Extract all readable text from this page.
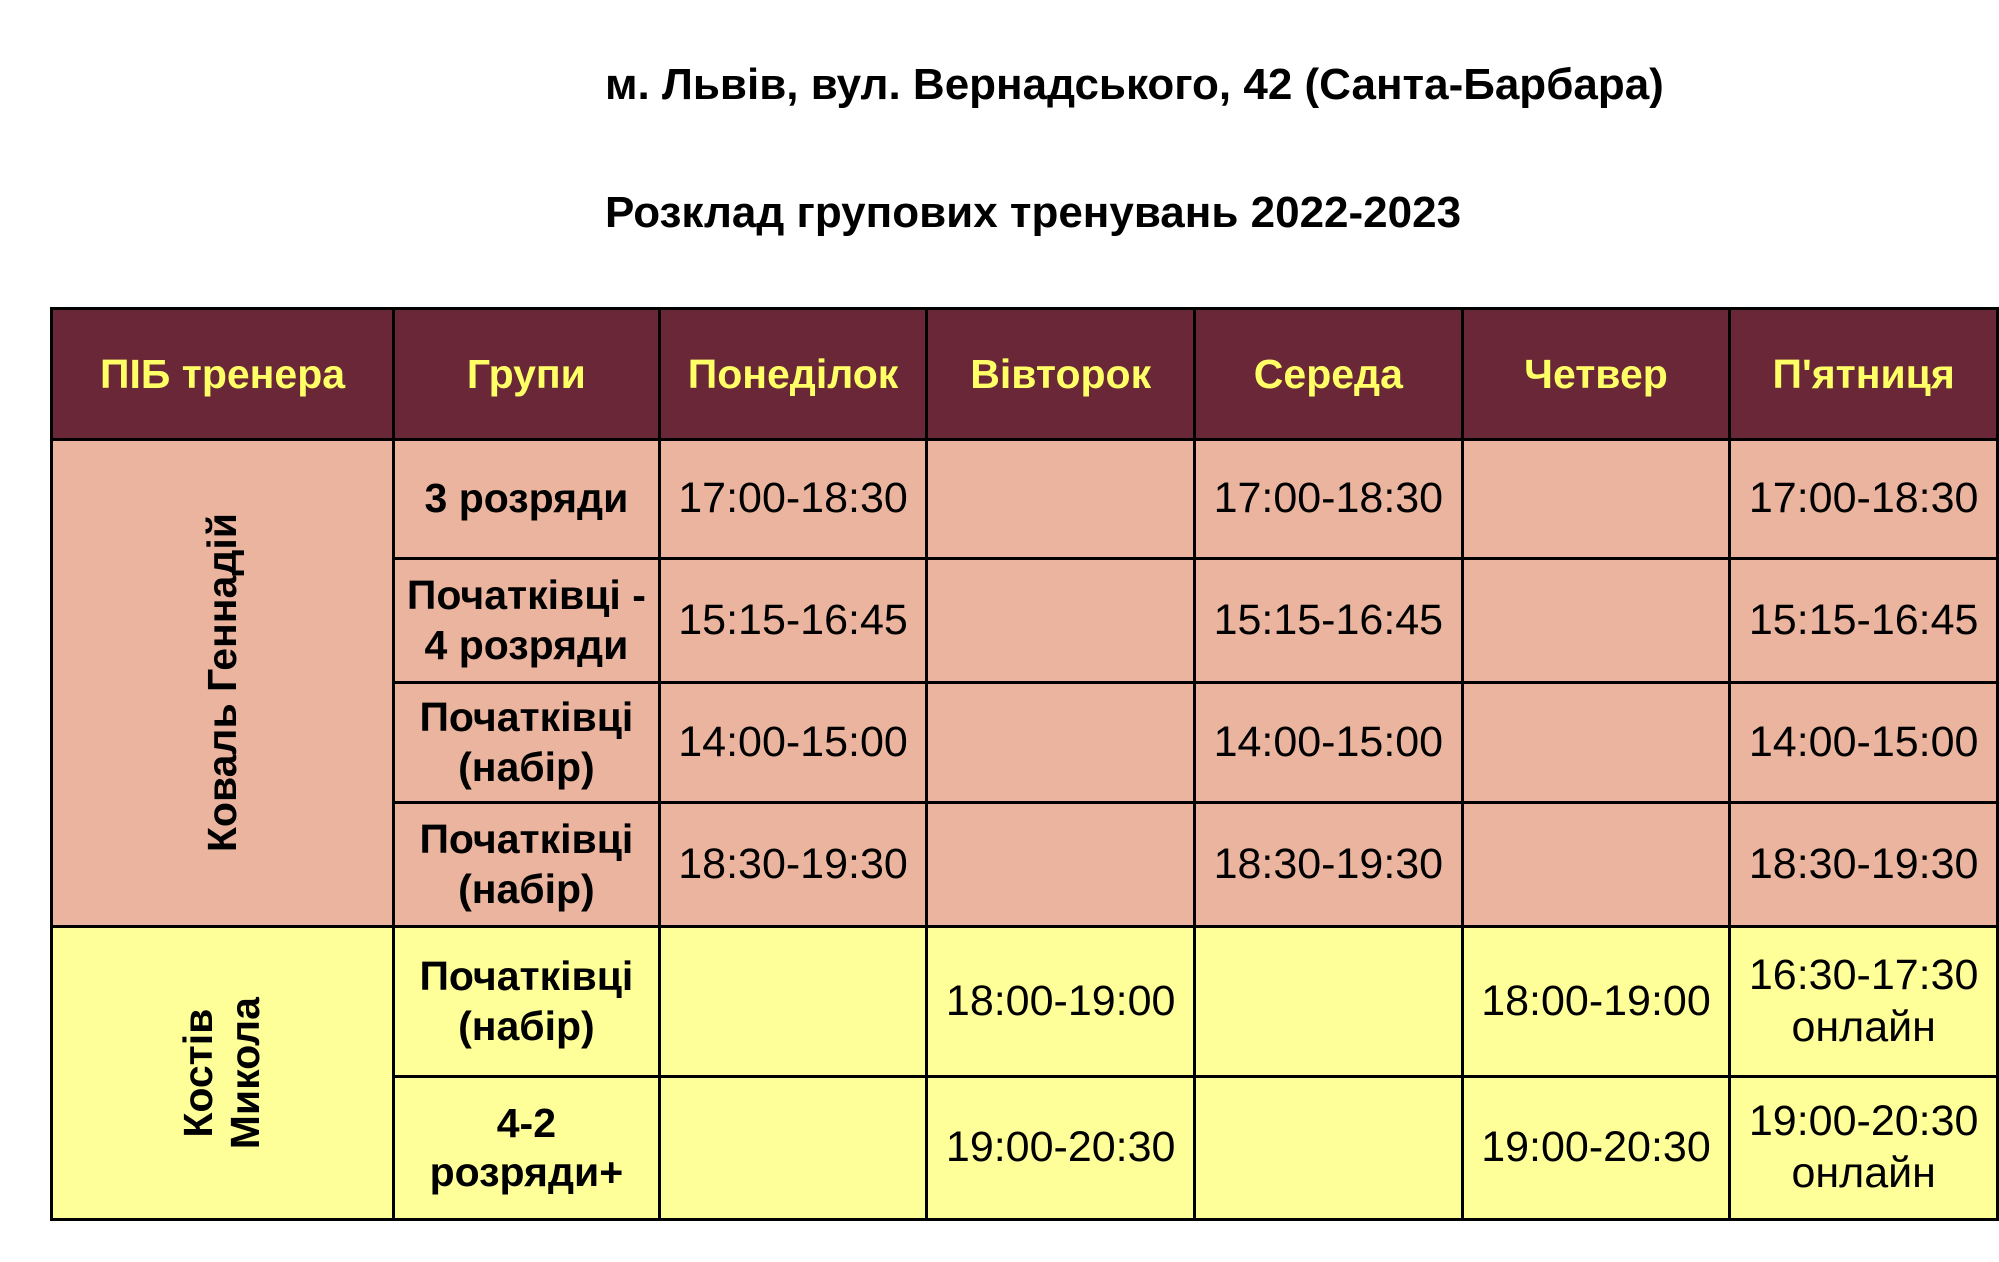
м. Львів, вул. Вернадського, 42 (Санта-Барбара)
Розклад групових тренувань 2022-2023
ПІБ тренера	Групи	Понеділок	Вівторок	Середа	Четвер	П'ятниця
Коваль Геннадій	3 розряди	17:00-18:30		17:00-18:30		17:00-18:30

	Початківці -
4 розряди	15:15-16:45		15:15-16:45		15:15-16:45

	Початківці
(набір)	14:00-15:00		14:00-15:00		14:00-15:00

	Початківці
(набір)	18:30-19:30		18:30-19:30		18:30-19:30

Костів Микола	Початківці
(набір)		18:00-19:00		18:00-19:00	16:30-17:30
онлайн

	4-2
розряди+		19:00-20:30		19:00-20:30	19:00-20:30
онлайн
